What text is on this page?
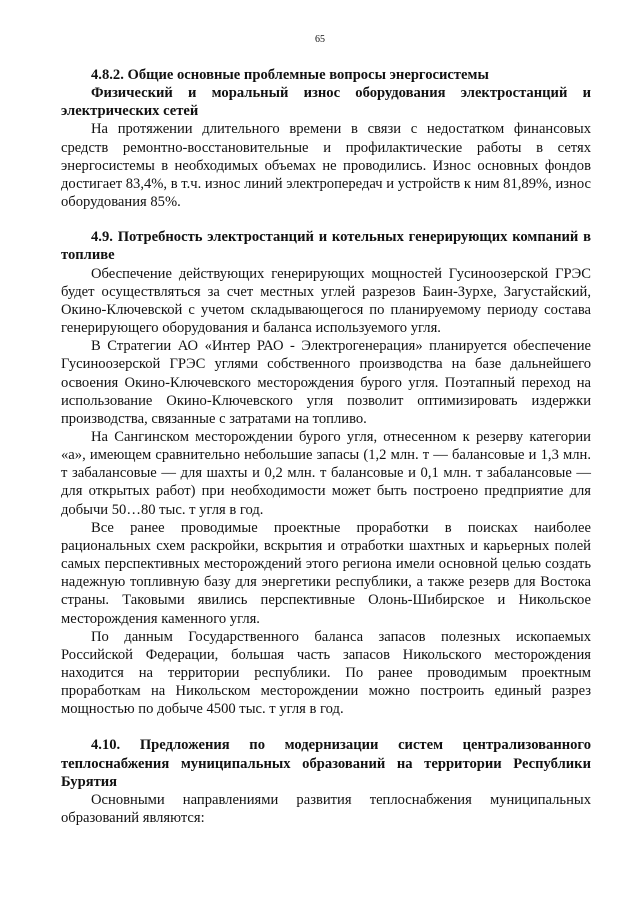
65

4.8.2. Общие основные проблемные вопросы энергосистемы

Физический и моральный износ оборудования электростанций и электрических сетей

На протяжении длительного времени в связи с недостатком финансовых средств ремонтно-восстановительные и профилактические работы в сетях энергосистемы в необходимых объемах не проводились. Износ основных фондов достигает 83,4%, в т.ч. износ линий электропередач и устройств к ним 81,89%, износ оборудования 85%.

4.9. Потребность электростанций и котельных генерирующих компаний в топливе

Обеспечение действующих генерирующих мощностей Гусиноозерской ГРЭС будет осуществляться за счет местных углей разрезов Баин-Зурхе, Загустайский, Окино-Ключевской с учетом складывающегося по планируемому периоду состава генерирующего оборудования и баланса используемого угля.

В Стратегии АО «Интер РАО - Электрогенерация» планируется обеспечение Гусиноозерской ГРЭС углями собственного производства на базе дальнейшего освоения Окино-Ключевского месторождения бурого угля. Поэтапный переход на использование Окино-Ключевского угля позволит оптимизировать издержки производства, связанные с затратами на топливо.

На Сангинском месторождении бурого угля, отнесенном к резерву категории «а», имеющем сравнительно небольшие запасы (1,2 млн. т — балансовые и 1,3 млн. т забалансовые — для шахты и 0,2 млн. т балансовые и 0,1 млн. т забалансовые — для открытых работ) при необходимости может быть построено предприятие для добычи 50…80 тыс. т угля в год.

Все ранее проводимые проектные проработки в поисках наиболее рациональных схем раскройки, вскрытия и отработки шахтных и карьерных полей самых перспективных месторождений этого региона имели основной целью создать надежную топливную базу для энергетики республики, а также резерв для Востока страны. Таковыми явились перспективные Олонь-Шибирское и Никольское месторождения каменного угля.

По данным Государственного баланса запасов полезных ископаемых Российской Федерации, большая часть запасов Никольского месторождения находится на территории республики. По ранее проводимым проектным проработкам на Никольском месторождении можно построить единый разрез мощностью по добыче 4500 тыс. т угля в год.

4.10. Предложения по модернизации систем централизованного теплоснабжения муниципальных образований на территории Республики Бурятия

Основными направлениями развития теплоснабжения муниципальных образований являются:
